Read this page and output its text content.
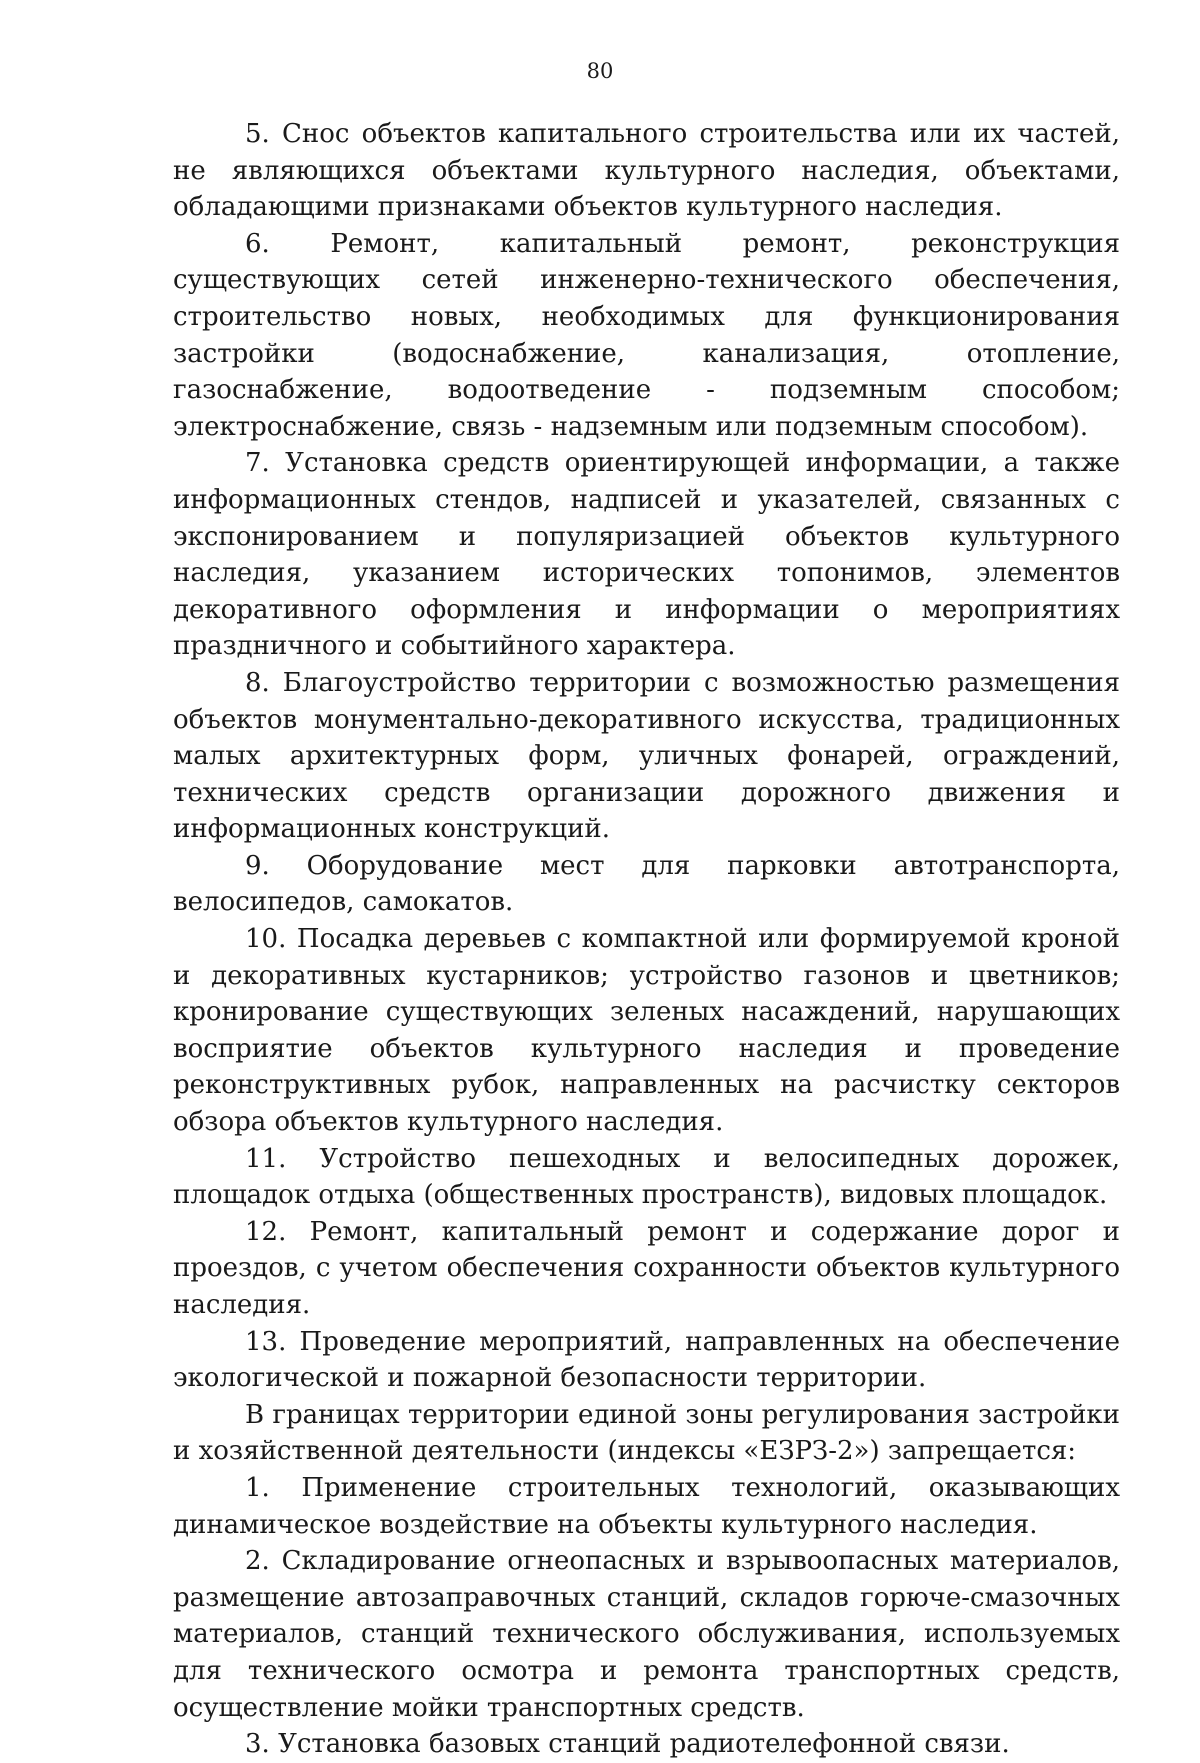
80

5. Снос объектов капитального строительства или их частей, не являющихся объектами культурного наследия, объектами, обладающими признаками объектов культурного наследия.

6. Ремонт, капитальный ремонт, реконструкция существующих сетей инженерно-технического обеспечения, строительство новых, необходимых для функционирования застройки (водоснабжение, канализация, отопление, газоснабжение, водоотведение - подземным способом; электроснабжение, связь - надземным или подземным способом).

7. Установка средств ориентирующей информации, а также информационных стендов, надписей и указателей, связанных с экспонированием и популяризацией объектов культурного наследия, указанием исторических топонимов, элементов декоративного оформления и информации о мероприятиях праздничного и событийного характера.

8. Благоустройство территории с возможностью размещения объектов монументально-декоративного искусства, традиционных малых архитектурных форм, уличных фонарей, ограждений, технических средств организации дорожного движения и информационных конструкций.

9. Оборудование мест для парковки автотранспорта, велосипедов, самокатов.

10. Посадка деревьев с компактной или формируемой кроной и декоративных кустарников; устройство газонов и цветников; кронирование существующих зеленых насаждений, нарушающих восприятие объектов культурного наследия и проведение реконструктивных рубок, направленных на расчистку секторов обзора объектов культурного наследия.

11. Устройство пешеходных и велосипедных дорожек, площадок отдыха (общественных пространств), видовых площадок.

12. Ремонт, капитальный ремонт и содержание дорог и проездов, с учетом обеспечения сохранности объектов культурного наследия.

13. Проведение мероприятий, направленных на обеспечение экологической и пожарной безопасности территории.

В границах территории единой зоны регулирования застройки и хозяйственной деятельности (индексы «ЕЗРЗ-2») запрещается:

1. Применение строительных технологий, оказывающих динамическое воздействие на объекты культурного наследия.

2. Складирование огнеопасных и взрывоопасных материалов, размещение автозаправочных станций, складов горюче-смазочных материалов, станций технического обслуживания, используемых для технического осмотра и ремонта транспортных средств, осуществление мойки транспортных средств.

3. Установка базовых станций радиотелефонной связи.
